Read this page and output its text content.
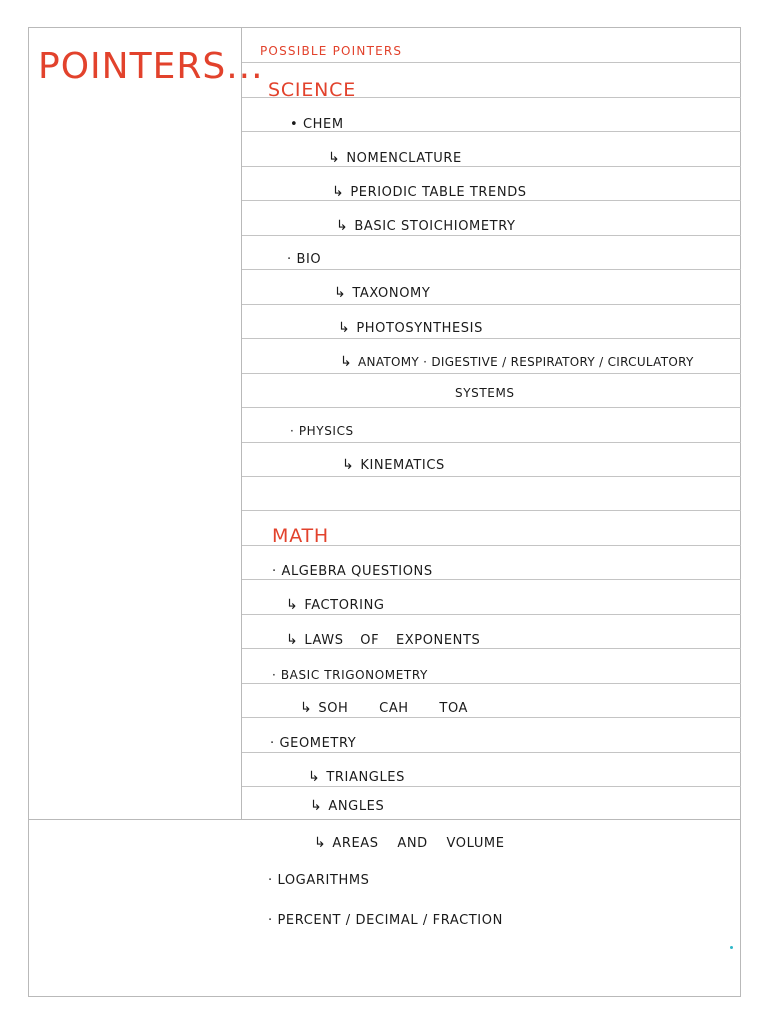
POINTERS...
POSSIBLE POINTERS
SCIENCE
• CHEM
↳ NOMENCLATURE
↳ PERIODIC TABLE TRENDS
↳ BASIC STOICHIOMETRY
· BIO
↳ TAXONOMY
↳ PHOTOSYNTHESIS
↳ ANATOMY · DIGESTIVE / RESPIRATORY / CIRCULATORY
SYSTEMS
· PHYSICS
↳ KINEMATICS
MATH
· ALGEBRA QUESTIONS
↳ FACTORING
↳ LAWS OF EXPONENTS
· BASIC TRIGONOMETRY
↳ SOH CAH TOA
· GEOMETRY
↳ TRIANGLES
↳ ANGLES
↳ AREAS AND VOLUME
· LOGARITHMS
· PERCENT / DECIMAL / FRACTION
